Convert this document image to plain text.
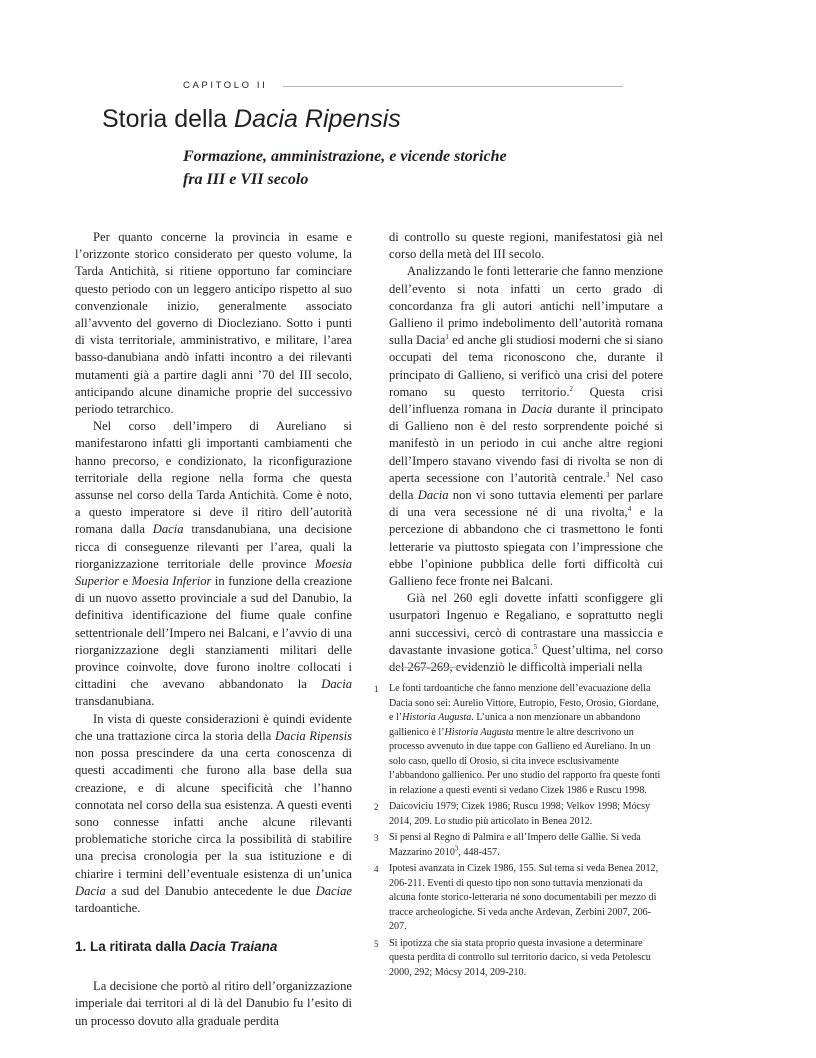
CAPITOLO II
Storia della Dacia Ripensis
Formazione, amministrazione, e vicende storiche
fra III e VII secolo

Per quanto concerne la provincia in esame e l’orizzonte storico considerato per questo volume, la Tarda Antichità, si ritiene opportuno far cominciare questo periodo con un leggero anticipo rispetto al suo convenzionale inizio, generalmente associato all’avvento del governo di Diocleziano. Sotto i punti di vista territoriale, amministrativo, e militare, l’area basso-danubiana andò infatti incontro a dei rilevanti mutamenti già a partire dagli anni ’70 del III secolo, anticipando alcune dinamiche proprie del successivo periodo tetrarchico.

Nel corso dell’impero di Aureliano si manifestarono infatti gli importanti cambiamenti che hanno precorso, e condizionato, la riconfigurazione territoriale della regione nella forma che questa assunse nel corso della Tarda Antichità. Come è noto, a questo imperatore si deve il ritiro dell’autorità romana dalla Dacia transdanubiana, una decisione ricca di conseguenze rilevanti per l’area, quali la riorganizzazione territoriale delle province Moesia Superior e Moesia Inferior in funzione della creazione di un nuovo assetto provinciale a sud del Danubio, la definitiva identificazione del fiume quale confine settentrionale dell’Impero nei Balcani, e l’avvio di una riorganizzazione degli stanziamenti militari delle province coinvolte, dove furono inoltre collocati i cittadini che avevano abbandonato la Dacia transdanubiana.

In vista di queste considerazioni è quindi evidente che una trattazione circa la storia della Dacia Ripensis non possa prescindere da una certa conoscenza di questi accadimenti che furono alla base della sua creazione, e di alcune specificità che l’hanno connotata nel corso della sua esistenza. A questi eventi sono connesse infatti anche alcune rilevanti problematiche storiche circa la possibilità di stabilire una precisa cronologia per la sua istituzione e di chiarire i termini dell’eventuale esistenza di un’unica Dacia a sud del Danubio antecedente le due Daciae tardoantiche.

1. La ritirata dalla Dacia Traiana

La decisione che portò al ritiro dell’organizzazione imperiale dai territori al di là del Danubio fu l’esito di un processo dovuto alla graduale perdita

di controllo su queste regioni, manifestatosi già nel corso della metà del III secolo.

Analizzando le fonti letterarie che fanno menzione dell’evento si nota infatti un certo grado di concordanza fra gli autori antichi nell’imputare a Gallieno il primo indebolimento dell’autorità romana sulla Dacia$^1$ ed anche gli studiosi moderni che si siano occupati del tema riconoscono che, durante il principato di Gallieno, si verificò una crisi del potere romano su questo territorio.$^2$ Questa crisi dell’influenza romana in Dacia durante il principato di Gallieno non è del resto sorprendente poiché si manifestò in un periodo in cui anche altre regioni dell’Impero stavano vivendo fasi di rivolta se non di aperta secessione con l’autorità centrale.$^3$ Nel caso della Dacia non vi sono tuttavia elementi per parlare di una vera secessione né di una rivolta,$^4$ e la percezione di abbandono che ci trasmettono le fonti letterarie va piuttosto spiegata con l’impressione che ebbe l’opinione pubblica delle forti difficoltà cui Gallieno fece fronte nei Balcani.

Già nel 260 egli dovette infatti sconfiggere gli usurpatori Ingenuo e Regaliano, e soprattutto negli anni successivi, cercò di contrastare una massiccia e davastante invasione gotica.$^5$ Quest’ultima, nel corso del 267-269, evidenziò le difficoltà imperiali nella

1 Le fonti tardoantiche che fanno menzione dell’evacuazione della Dacia sono sei: Aurelio Vittore, Eutropio, Festo, Orosio, Giordane, e l’Historia Augusta. L’unica a non menzionare un abbandono gallienico è l’Historia Augusta mentre le altre descrivono un processo avvenuto in due tappe con Gallieno ed Aureliano. In un solo caso, quello di Orosio, si cita invece esclusivamente l’abbandono gallienico. Per uno studio del rapporto fra queste fonti in relazione a questi eventi si vedano Cizek 1986 e Ruscu 1998.

2 Daicoviciu 1979; Cizek 1986; Ruscu 1998; Velkov 1998; Mócsy 2014, 209. Lo studio più articolato in Benea 2012.

3 Si pensi al Regno di Palmira e all’Impero delle Gallie. Si veda Mazzarino 2010$^3$, 448-457.

4 Ipotesi avanzata in Cizek 1986, 155. Sul tema si veda Benea 2012, 206-211. Eventi di questo tipo non sono tuttavia menzionati da alcuna fonte storico-letteraria né sono documentabili per mezzo di tracce archeologiche. Si veda anche Ardevan, Zerbini 2007, 206-207.

5 Si ipotizza che sia stata proprio questa invasione a determinare questa perdita di controllo sul territorio dacico, si veda Petolescu 2000, 292; Mócsy 2014, 209-210.
